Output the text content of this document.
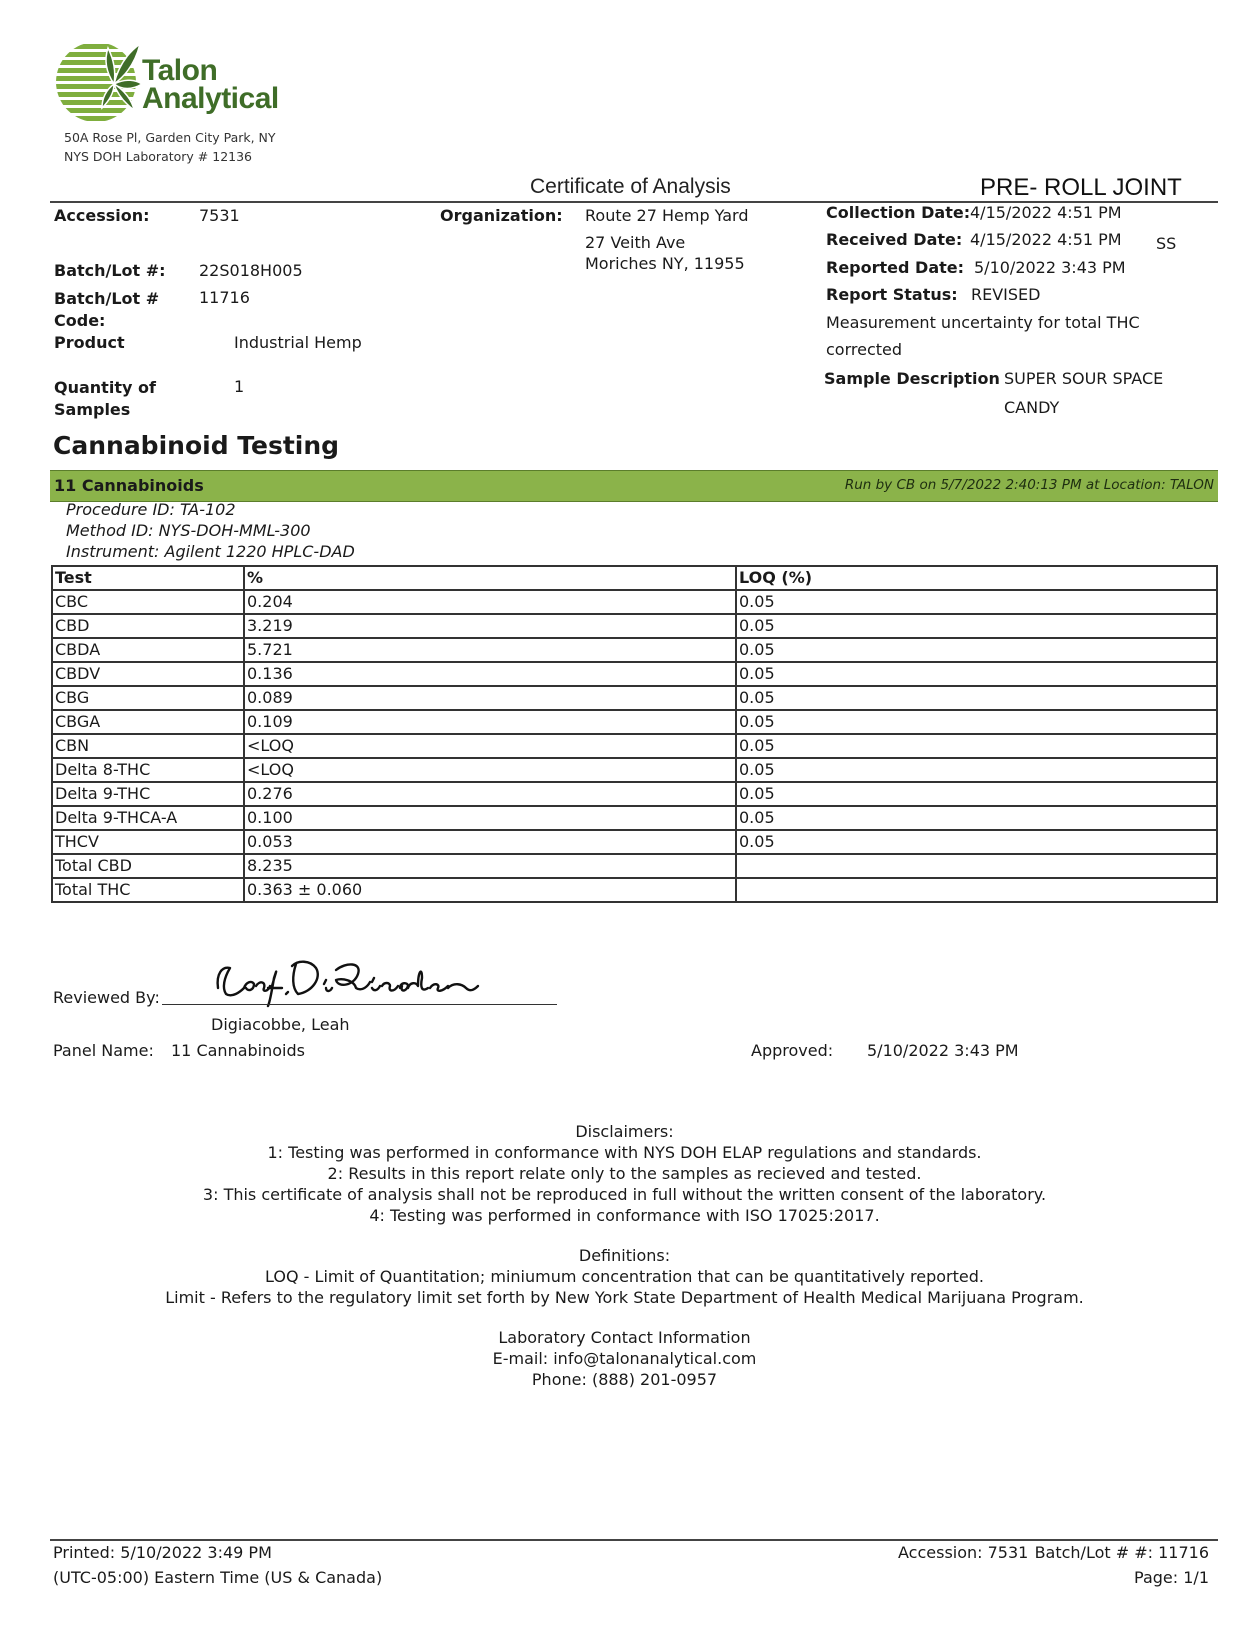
Talon
Analytical
50A Rose Pl, Garden City Park, NY
NYS DOH Laboratory # 12136
Certificate of Analysis	PRE- ROLL JOINT
Accession:	7531
Batch/Lot #: 22S018H005
Batch/Lot # Code:
11716
Product	Industrial Hemp
Quantity of Samples
1
Organization: Route 27 Hemp Yard
27 Veith Ave
Moriches NY, 11955
Collection Date: 4/15/2022 4:51 PM
Received Date: 4/15/2022 4:51 PM SS
Reported Date: 5/10/2022 3:43 PM
Report Status: REVISED
Measurement uncertainty for total THC
corrected
Sample Description SUPER SOUR SPACE
CANDY
Cannabinoid Testing
11 Cannabinoids	Run by CB on 5/7/2022 2:40:13 PM at Location: TALON
Procedure ID: TA-102
Method ID: NYS-DOH-MML-300
Instrument: Agilent 1220 HPLC-DAD
Test	%	LOQ (%)
CBC	0.204	0.05
CBD	3.219	0.05
CBDA	5.721	0.05
CBDV	0.136	0.05
CBG	0.089	0.05
CBGA	0.109	0.05
CBN	<LOQ	0.05
Delta 8-THC	<LOQ	0.05
Delta 9-THC	0.276	0.05
Delta 9-THCA-A	0.100	0.05
THCV	0.053	0.05
Total CBD	8.235	
Total THC	0.363 ± 0.060	
Reviewed By:
Digiacobbe, Leah
Panel Name: 11 Cannabinoids	Approved: 5/10/2022 3:43 PM
Disclaimers:
1: Testing was performed in conformance with NYS DOH ELAP regulations and standards.
2: Results in this report relate only to the samples as recieved and tested.
3: This certificate of analysis shall not be reproduced in full without the written consent of the laboratory.
4: Testing was performed in conformance with ISO 17025:2017.
Definitions:
LOQ - Limit of Quantitation; miniumum concentration that can be quantitatively reported.
Limit - Refers to the regulatory limit set forth by New York State Department of Health Medical Marijuana Program.
Laboratory Contact Information
E-mail: info@talonanalytical.com
Phone: (888) 201-0957
Printed: 5/10/2022 3:49 PM
(UTC-05:00) Eastern Time (US & Canada)
Accession: 7531 Batch/Lot # #: 11716
Page: 1/1
